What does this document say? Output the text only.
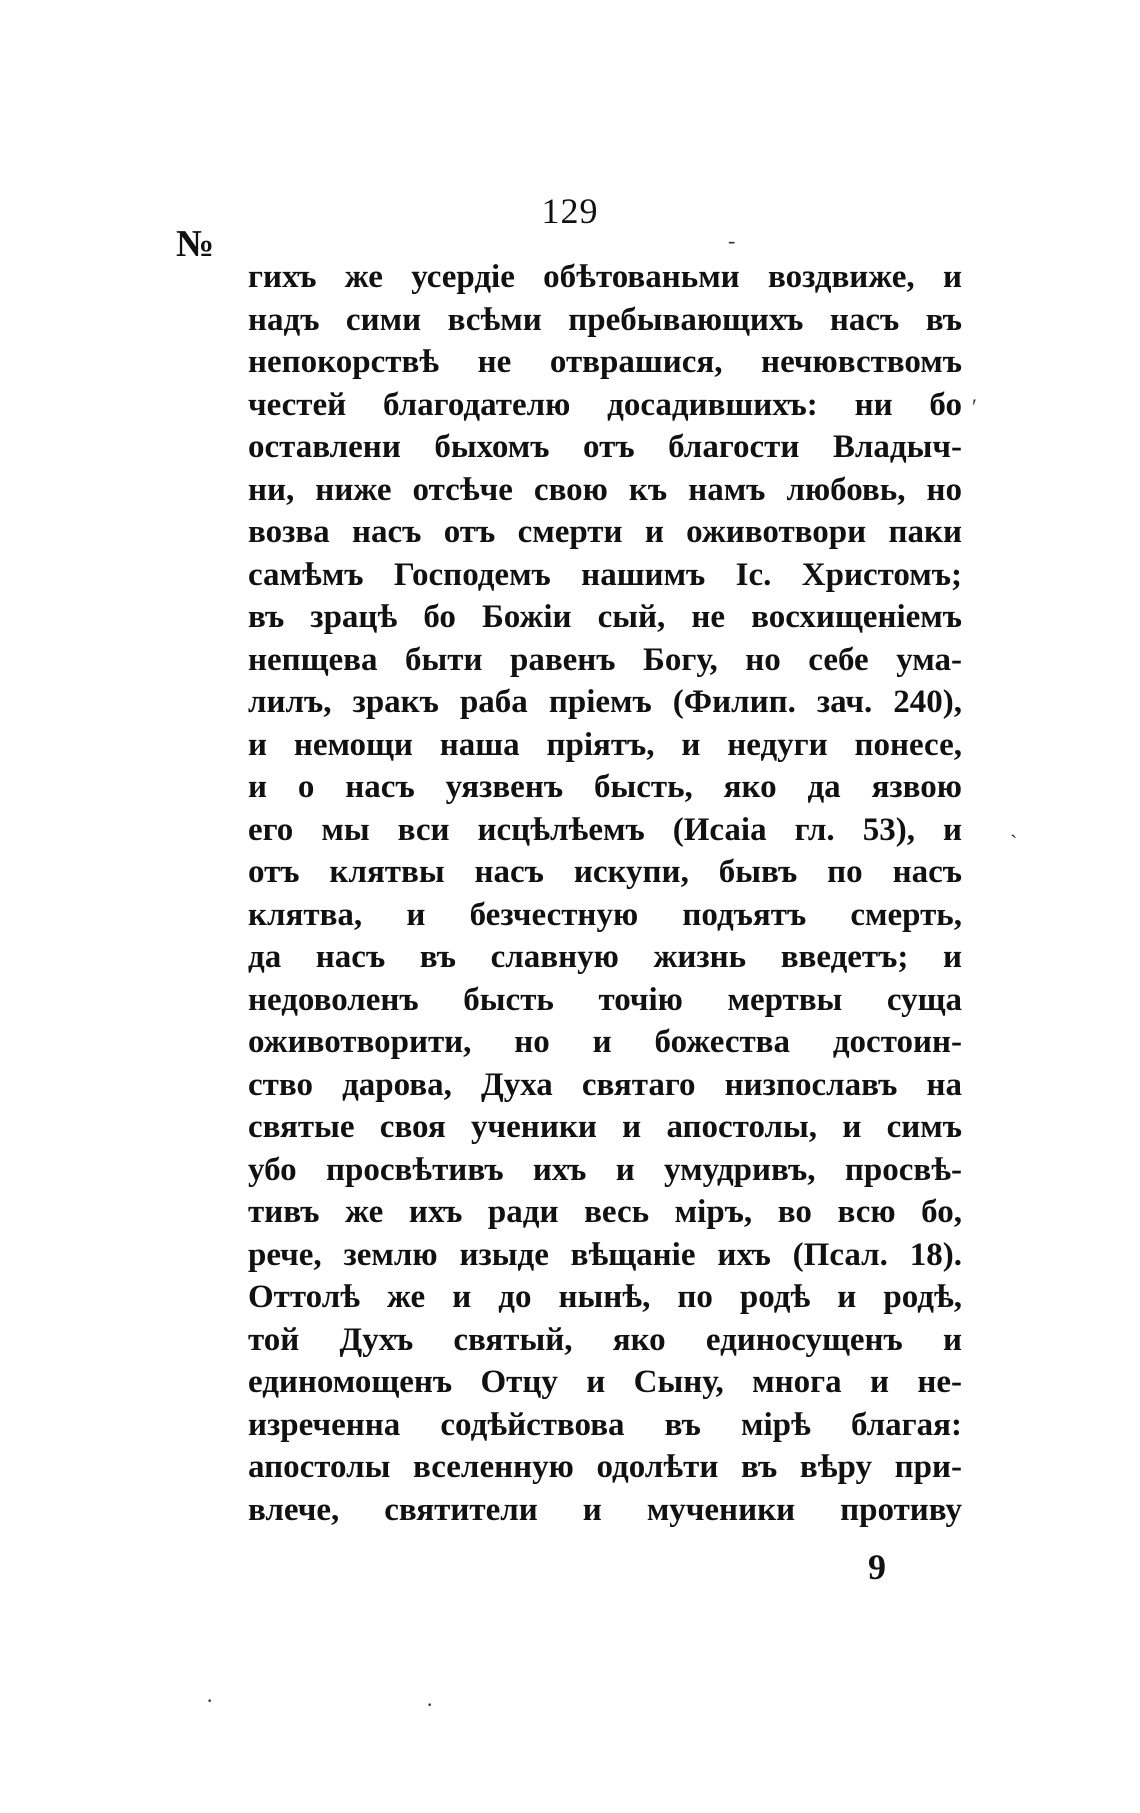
129
№
гихъ же усердіе обѣтованьми воздвиже, и
надъ сими всѣми пребывающихъ насъ въ
непокорствѣ не отврашися, нечювствомъ
честей благодателю досадившихъ: ни бо
оставлени быхомъ отъ благости Владыч-
ни, ниже отсѣче свою къ намъ любовь, но
возва насъ отъ смерти и оживотвори паки
самѣмъ Господемъ нашимъ Іс. Христомъ;
въ зрацѣ бо Божіи сый, не восхищеніемъ
непщева быти равенъ Богу, но себе ума-
лилъ, зракъ раба пріемъ (Филип. зач. 240),
и немощи наша пріятъ, и недуги понесе,
и о насъ уязвенъ бысть, яко да язвою
его мы вси исцѣлѣемъ (Исаіа гл. 53), и
отъ клятвы насъ искупи, бывъ по насъ
клятва, и безчестную подъятъ смерть,
да насъ въ славную жизнь введетъ; и
недоволенъ бысть точію мертвы суща
оживотворити, но и божества достоин-
ство дарова, Духа святаго низпославъ на
святые своя ученики и апостолы, и симъ
убо просвѣтивъ ихъ и умудривъ, просвѣ-
тивъ же ихъ ради весь міръ, во всю бо,
рече, землю изыде вѣщаніе ихъ (Псал. 18).
Оттолѣ же и до нынѣ, по родѣ и родѣ,
той Духъ святый, яко единосущенъ и
единомощенъ Отцу и Сыну, многа и не-
изреченна содѣйствова въ мірѣ благая:
апостолы вселенную одолѣти въ вѣру при-
влече, святители и мученики противу
9
-
′
`
·	·
